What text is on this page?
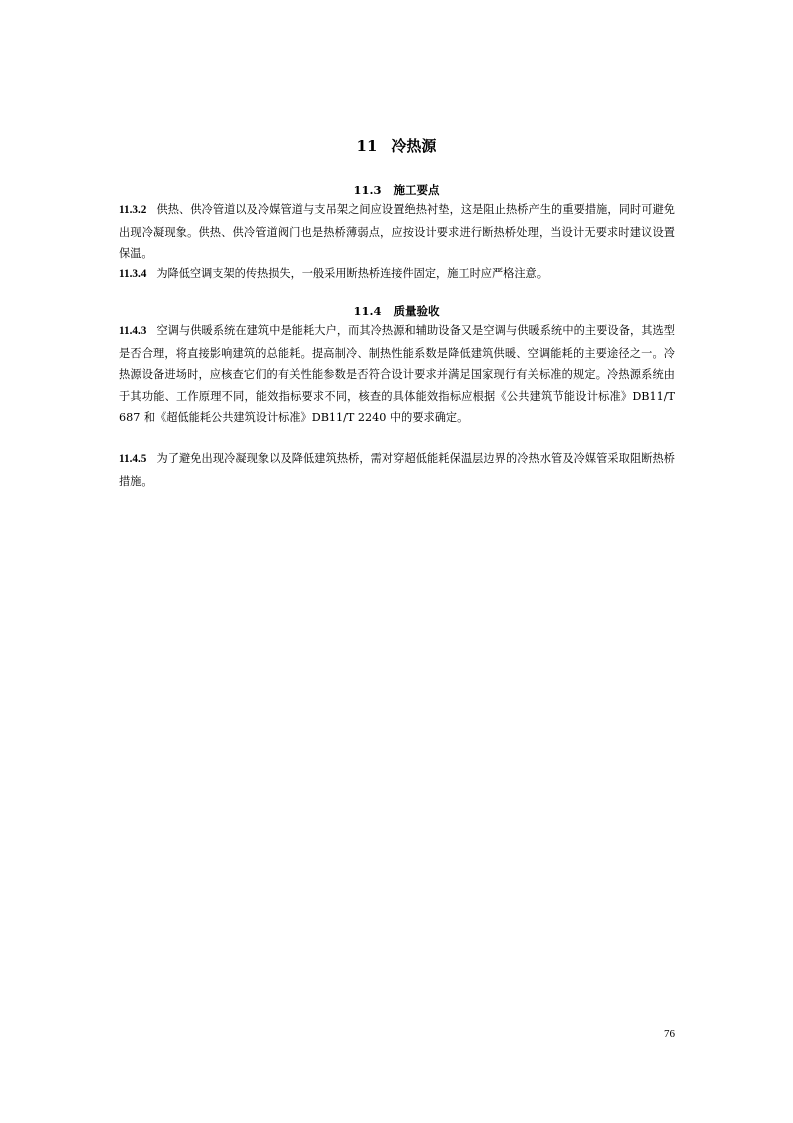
11 冷热源
11.3 施工要点

11.3.2 供热、供冷管道以及冷媒管道与支吊架之间应设置绝热衬垫，这是阻止热桥产生的重要措施，同时可避免出现冷凝现象。供热、供冷管道阀门也是热桥薄弱点，应按设计要求进行断热桥处理，当设计无要求时建议设置保温。

11.3.4 为降低空调支架的传热损失，一般采用断热桥连接件固定，施工时应严格注意。

11.4 质量验收

11.4.3 空调与供暖系统在建筑中是能耗大户，而其冷热源和辅助设备又是空调与供暖系统中的主要设备，其选型是否合理，将直接影响建筑的总能耗。提高制冷、制热性能系数是降低建筑供暖、空调能耗的主要途径之一。冷热源设备进场时，应核查它们的有关性能参数是否符合设计要求并满足国家现行有关标准的规定。冷热源系统由于其功能、工作原理不同，能效指标要求不同，核查的具体能效指标应根据《公共建筑节能设计标准》DB11/T 687 和《超低能耗公共建筑设计标准》DB11/T 2240 中的要求确定。

11.4.5 为了避免出现冷凝现象以及降低建筑热桥，需对穿超低能耗保温层边界的冷热水管及冷媒管采取阻断热桥措施。

76
